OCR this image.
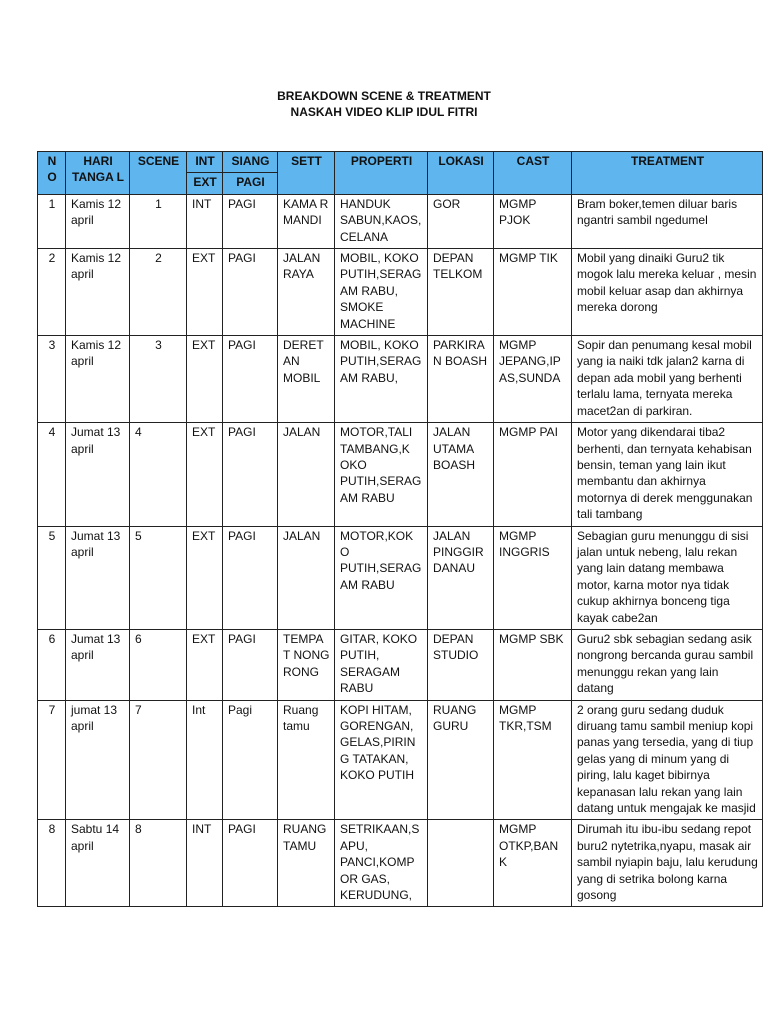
BREAKDOWN SCENE & TREATMENT
NASKAH VIDEO KLIP IDUL FITRI
N O	HARI TANGA L	SCENE	INT	SIANG	SETT	PROPERTI	LOKASI	CAST	TREATMENT
			EXT	PAGI					
1	Kamis 12 april	1	INT	PAGI	KAMA R MANDI	HANDUK SABUN,KAOS, CELANA	GOR	MGMP PJOK	Bram boker,temen diluar baris ngantri sambil ngedumel
2	Kamis 12 april	2	EXT	PAGI	JALAN RAYA	MOBIL, KOKO PUTIH,SERAG AM RABU, SMOKE MACHINE	DEPAN TELKOM	MGMP TIK	Mobil yang dinaiki Guru2 tik mogok lalu mereka keluar , mesin mobil keluar asap dan akhirnya mereka dorong
3	Kamis 12 april	3	EXT	PAGI	DERET AN MOBIL	MOBIL, KOKO PUTIH,SERAG AM RABU,	PARKIRA N BOASH	MGMP JEPANG,IP AS,SUNDA	Sopir dan penumang kesal mobil yang ia naiki tdk jalan2 karna di depan ada mobil yang berhenti terlalu lama, ternyata mereka macet2an di parkiran.
4	Jumat 13 april	4	EXT	PAGI	JALAN	MOTOR,TALI TAMBANG,K OKO PUTIH,SERAG AM RABU	JALAN UTAMA BOASH	MGMP PAI	Motor yang dikendarai tiba2 berhenti, dan ternyata kehabisan bensin, teman yang lain ikut membantu dan akhirnya motornya di derek menggunakan tali tambang
5	Jumat 13 april	5	EXT	PAGI	JALAN	MOTOR,KOK O PUTIH,SERAG AM RABU	JALAN PINGGIR DANAU	MGMP INGGRIS	Sebagian guru menunggu di sisi jalan untuk nebeng, lalu rekan yang lain datang membawa motor, karna motor nya tidak cukup akhirnya bonceng tiga kayak cabe2an
6	Jumat 13 april	6	EXT	PAGI	TEMPA T NONG RONG	GITAR, KOKO PUTIH, SERAGAM RABU	DEPAN STUDIO	MGMP SBK	Guru2 sbk sebagian sedang asik nongrong bercanda gurau sambil menunggu rekan yang lain datang
7	jumat 13 april	7	Int	Pagi	Ruang tamu	KOPI HITAM, GORENGAN, GELAS,PIRIN G TATAKAN, KOKO PUTIH	RUANG GURU	MGMP TKR,TSM	2 orang guru sedang duduk diruang tamu sambil meniup kopi panas yang tersedia, yang di tiup gelas yang di minum yang di piring, lalu kaget bibirnya kepanasan lalu rekan yang lain datang untuk mengajak ke masjid
8	Sabtu 14 april	8	INT	PAGI	RUANG TAMU	SETRIKAAN,S APU, PANCI,KOMP OR GAS, KERUDUNG,		MGMP OTKP,BAN K	Dirumah itu ibu-ibu sedang repot buru2 nytetrika,nyapu, masak air sambil nyiapin baju, lalu kerudung yang di setrika bolong karna gosong
